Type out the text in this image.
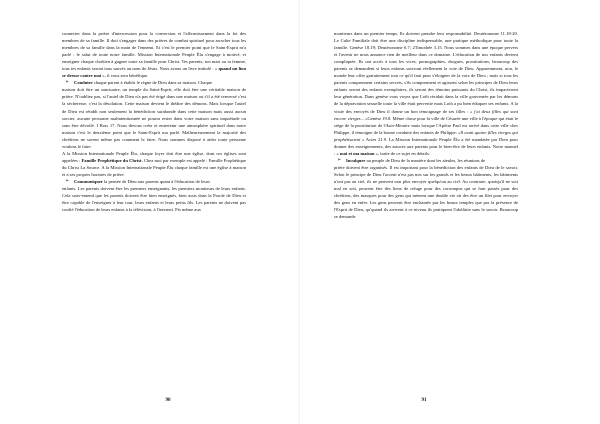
connecter dans la prière d'intercession pour la conversion et l'affermissement dans la foi des membres de sa famille. Il doit s'engager dans des prières de combat spirituel pour arracher tous les membres de sa famille dans la main de l'ennemi. Et c'est le premier point que le Saint-Esprit m'a parlé : le salut de toute notre famille. Mission Internationale Peuple Élu s'engage à motivé, et enseigner chaque chrétien à gagner toute sa famille pour Christ. Tes parents, ton mari ou ta femme, tous tes enfants seront tous sauvés au nom de Jésus. Nous avons un livre intitulé : « quand un lion se dresse contre moi », il vous sera bénéfique.

➢ Conduire chaque parent à établir le règne de Dieu dans sa maison. Chaque

maison doit être un sanctuaire, un temple du Saint-Esprit, elle doit être une véritable maison de prière. N'oubliez pas, si l'autel de Dieu n'a pas été érigé dans une maison ou s'il a été renversé c'est la sécheresse, c'est la désolation. Cette maison devient le théâtre des démons. Mais lorsque l'autel de Dieu est rétabli non seulement la bénédiction surabonde dans cette maison mais aussi aucun sorcier, aucune personne malintentionnée ne pourra rester dans votre maison sans inquiétude ou sans être dévoilé. I Rois 17. Nous devons créer et entretenir une atmosphère spirituel dans notre maison c'est le deuxième point que le Saint-Esprit ma parlé. Malheureusement la majorité des chrétiens ne savent même pas comment le faire. Nous sommes disposé à aider toute personne voulons le faire.

A la Mission Internationale Peuple Élu, chaque foyer doit être une église, dont ces églises sont appelées : Famille Prophétique du Christ. Chez moi par exemple est appelé : Famille Prophétique du Christ La Source. A la Mission Internationale Peuple Élu chaque famille est une église à maison et a ses propres horaires de prière.

➢ Communiquer la pensée de Dieu aux parents quant à l'éducation de leurs

enfants. Les parents doivent être les premiers enseignants, les premiers moniteurs de leurs enfants. Cela sous-entend que les parents doivent être bien enseignés, bien assis dans la Parole de Dieu et être capable de l'enseigner à leur tour, leurs enfants et leurs petits fils. Les parents ne doivent pas confié l'éducation de leurs enfants à la télévision, à l'internet. Pis même aux

90

moniteurs dans un premier temps. Ils doivent prendre leur responsabilité. Deutéronome 11.18-20. Le Culte Familiale doit être une discipline indispensable, une pratique méthodique pour toute la famille. Genèse 18.19; Deutéronome 6.7; 2Timothée 3.15. Nous sommes dans une époque pervers et l'avenir ne nous annonce rien de meilleur dans ce domaine. L'éducation de nos enfants devient compliquée. Ils ont accès à tous les vices, pornographies, drogues, prostitutions; beaucoup des parents se demandent si leurs enfants suivront réellement la voie de Dieu. Apparemment, non, le monde leur offre gratuitement tout ce qu'il faut pour s'éloigner de la voix de Dieu ; mais si tous les parents comprennent certains secrets, s'ils comprennent et agissent selon les principes de Dieu leurs enfants seront des enfants exemplaires, ils seront des témoins puissants du Christ, ils impacteront leur génération. Dans genèse vous voyez que Loth résidait dans la ville gouvernée par les démons de la dépravation sexuelle toute la ville était pervertie mais Loth a pu bien éduquer ses enfants. A la visite des envoyés de Dieu il donne un bon témoignage de ses filles : « j'ai deux filles qui sont encore vierges... »Genèse 19.8. Même chose pour la ville de Césarée une ville à l'époque qui était le siège de la prostitution de l'Asia-Minaire mais lorsque l'Apôtre Paul est arrivé dans cette ville cher Philippe, il témoigne de la bonne conduite des enfants de Philippe: «Il avait quatre filles vierges qui prophétisaient » Actes 21.9. La Mission Internationale Peuple Élu a été mandatée par Dieu pour donner des enseignements, des astuces aux parents pour le bien-être de leurs enfants. Notre manuel : « moi et ma maison », traite de ce sujet en détails.

➢ Inculquer au peuple de Dieu de la manière dont les aïeules, les réunions de

prière doivent être organisés. Il est important pour la bénédiction des enfants de Dieu de le savoir. Selon le principe de Dieu l'accent n'est pas mis sur les grands et les beaux bâtiments, les bâtiments n'ont pas au ciel, ils ne peuvent non plus envoyer quelqu'un au ciel. Au contraire, quoiqu'il ne soit mal en soit, peuvent être des lieux de refuge pour des corrompus qui se font passés pour des chrétiens, des masques pour des gens qui mènent une double vie où des être un filet pour envoyer des gens en enfer. Les gens peuvent être enchantés par les beaux temples que par la présence de l'Esprit de Dieu, qu'quand ils arrivent à ce niveau ils pratiquent l'idolâtrie sans le savoir. Beaucoup se demande

91
